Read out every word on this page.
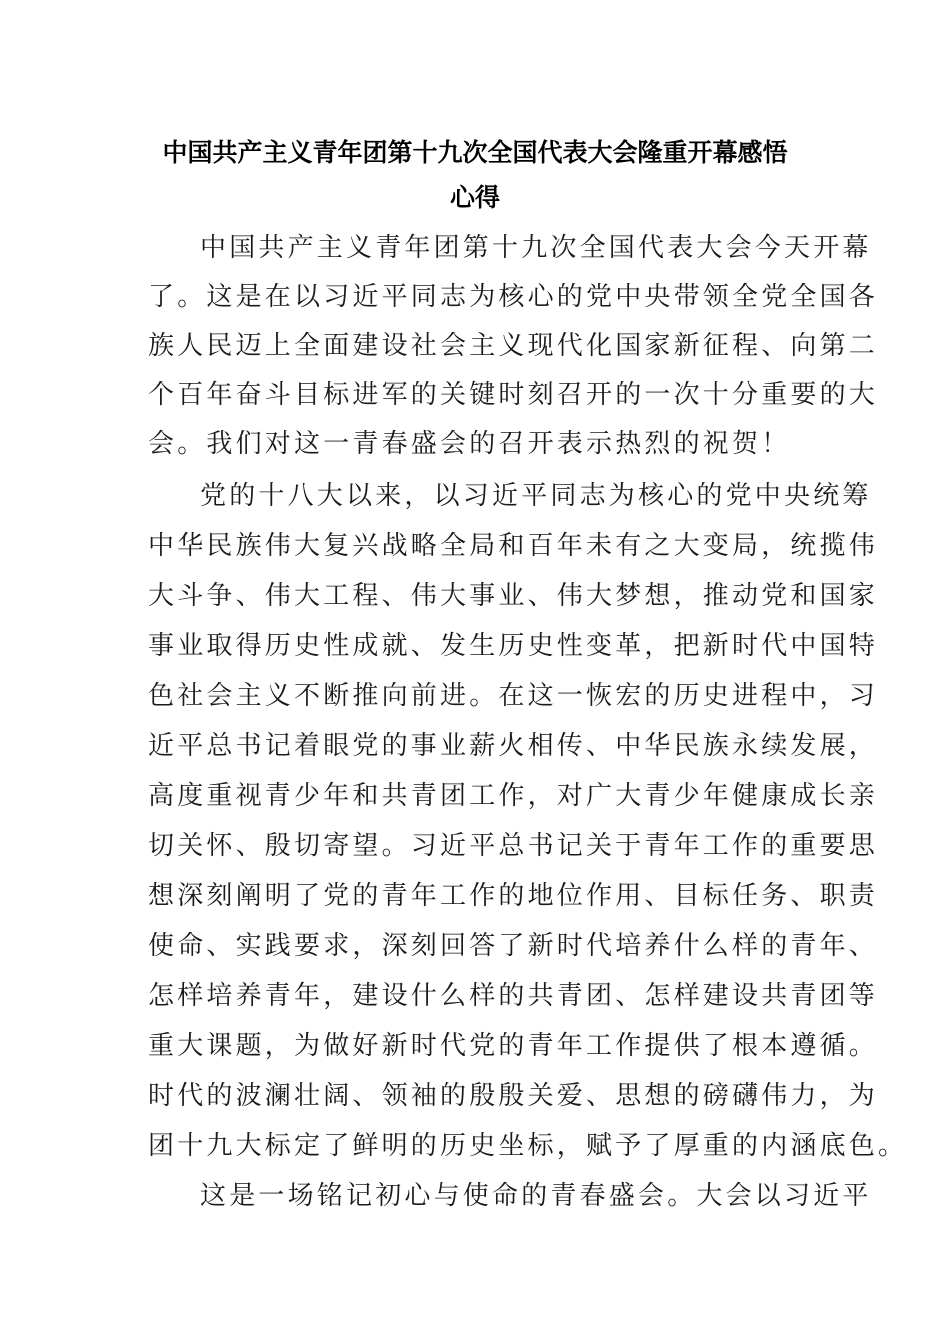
中国共产主义青年团第十九次全国代表大会隆重开幕感悟
心得
中国共产主义青年团第十九次全国代表大会今天开幕
了。这是在以习近平同志为核心的党中央带领全党全国各
族人民迈上全面建设社会主义现代化国家新征程、向第二
个百年奋斗目标进军的关键时刻召开的一次十分重要的大
会。我们对这一青春盛会的召开表示热烈的祝贺！
党的十八大以来，以习近平同志为核心的党中央统筹
中华民族伟大复兴战略全局和百年未有之大变局，统揽伟
大斗争、伟大工程、伟大事业、伟大梦想，推动党和国家
事业取得历史性成就、发生历史性变革，把新时代中国特
色社会主义不断推向前进。在这一恢宏的历史进程中，习
近平总书记着眼党的事业薪火相传、中华民族永续发展，
高度重视青少年和共青团工作，对广大青少年健康成长亲
切关怀、殷切寄望。习近平总书记关于青年工作的重要思
想深刻阐明了党的青年工作的地位作用、目标任务、职责
使命、实践要求，深刻回答了新时代培养什么样的青年、
怎样培养青年，建设什么样的共青团、怎样建设共青团等
重大课题，为做好新时代党的青年工作提供了根本遵循。
时代的波澜壮阔、领袖的殷殷关爱、思想的磅礴伟力，为
团十九大标定了鲜明的历史坐标，赋予了厚重的内涵底色。
这是一场铭记初心与使命的青春盛会。大会以习近平
